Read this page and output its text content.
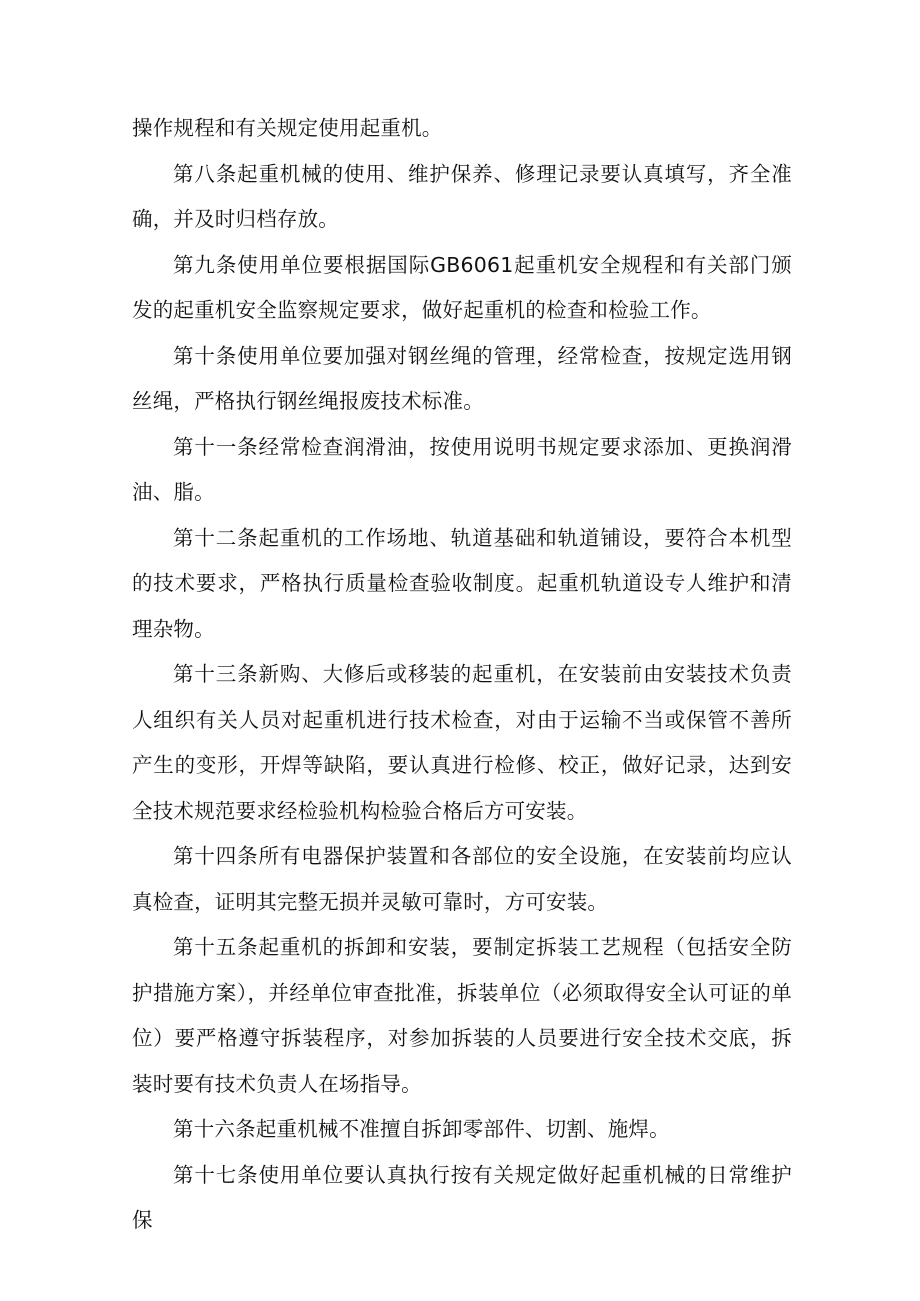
操作规程和有关规定使用起重机。

第八条起重机械的使用、维护保养、修理记录要认真填写，齐全准确，并及时归档存放。

第九条使用单位要根据国际GB6061起重机安全规程和有关部门颁发的起重机安全监察规定要求，做好起重机的检查和检验工作。

第十条使用单位要加强对钢丝绳的管理，经常检查，按规定选用钢丝绳，严格执行钢丝绳报废技术标准。

第十一条经常检查润滑油，按使用说明书规定要求添加、更换润滑油、脂。

第十二条起重机的工作场地、轨道基础和轨道铺设，要符合本机型的技术要求，严格执行质量检查验收制度。起重机轨道设专人维护和清理杂物。

第十三条新购、大修后或移装的起重机，在安装前由安装技术负责人组织有关人员对起重机进行技术检查，对由于运输不当或保管不善所产生的变形，开焊等缺陷，要认真进行检修、校正，做好记录，达到安全技术规范要求经检验机构检验合格后方可安装。

第十四条所有电器保护装置和各部位的安全设施，在安装前均应认真检查，证明其完整无损并灵敏可靠时，方可安装。

第十五条起重机的拆卸和安装，要制定拆装工艺规程（包括安全防护措施方案），并经单位审查批准，拆装单位（必须取得安全认可证的单位）要严格遵守拆装程序，对参加拆装的人员要进行安全技术交底，拆装时要有技术负责人在场指导。

第十六条起重机械不准擅自拆卸零部件、切割、施焊。

第十七条使用单位要认真执行按有关规定做好起重机械的日常维护保
